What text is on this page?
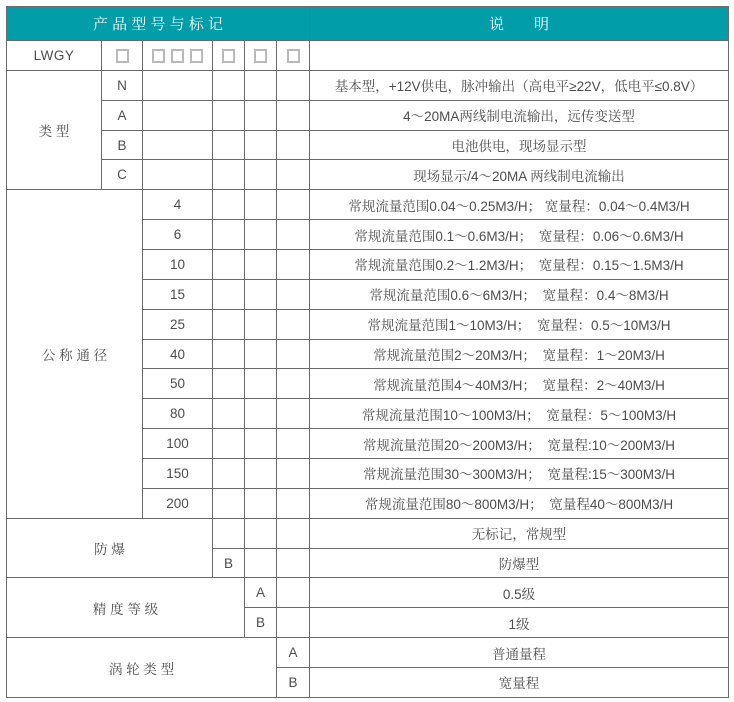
产 品 型 号 与 标 记						说　　明
LWGY						
类 型	N					基本型，+12V供电，脉冲输出（高电平≥22V，低电平≤0.8V）
	A					4～20MA两线制电流输出，远传变送型
	B					电池供电，现场显示型
	C					现场显示/4～20MA 两线制电流输出
公 称 通 径		4				常规流量范围0.04～0.25M3/H； 宽量程：0.04～0.4M3/H
		6				常规流量范围0.1～0.6M3/H；　宽量程：0.06～0.6M3/H
		10				常规流量范围0.2～1.2M3/H；　宽量程：0.15～1.5M3/H
		15				常规流量范围0.6～6M3/H；　宽量程：0.4～8M3/H
		25				常规流量范围1～10M3/H；　宽量程：0.5～10M3/H
		40				常规流量范围2～20M3/H；　宽量程：1～20M3/H
		50				常规流量范围4～40M3/H；　宽量程：2～40M3/H
		80				常规流量范围10～100M3/H；　宽量程：5～100M3/H
		100				常规流量范围20～200M3/H；　宽量程:10～200M3/H
		150				常规流量范围30～300M3/H；　宽量程:15～300M3/H
		200				常规流量范围80～800M3/H；　宽量程40～800M3/H
防 爆						无标记，常规型
			B			防爆型
精 度 等 级				A		0.5级
				B		1级
涡 轮 类 型					A	普通量程
					B	宽量程
